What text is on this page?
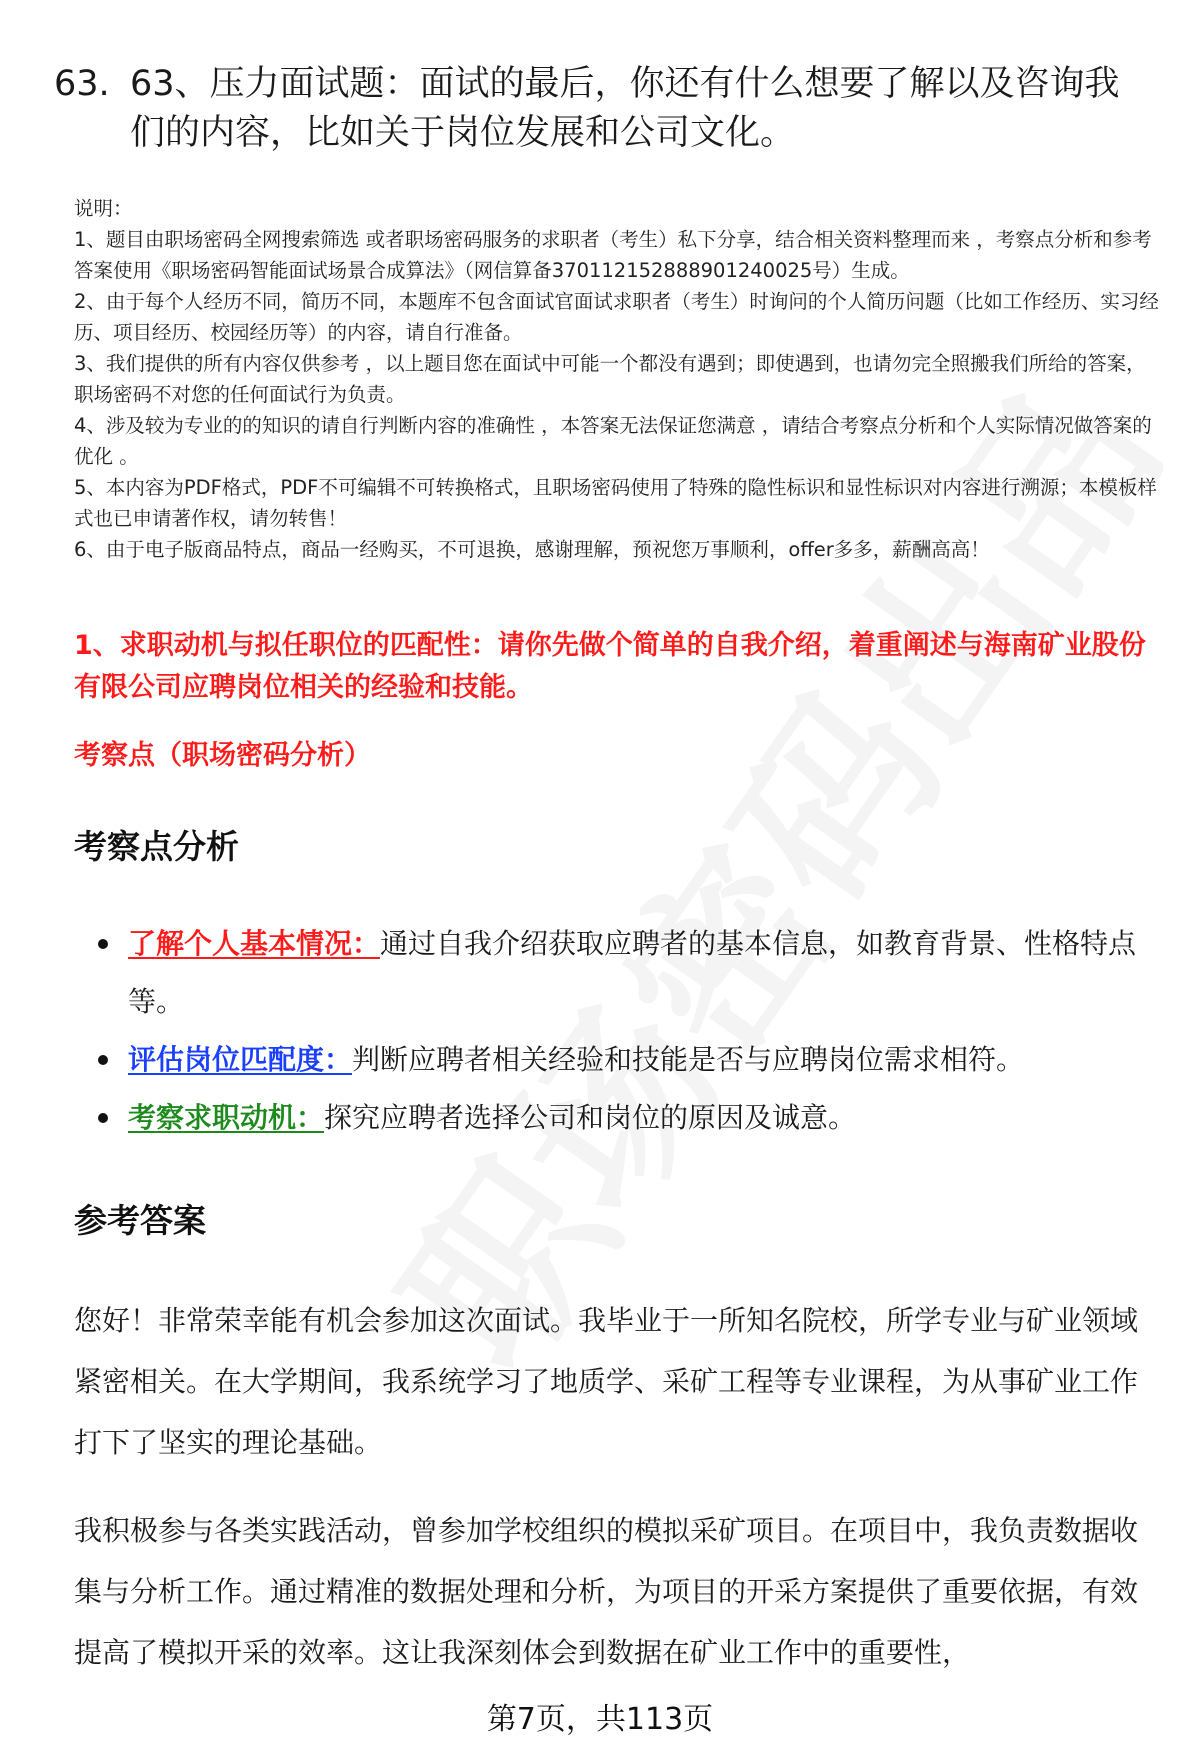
63. 63、压力面试题：面试的最后，你还有什么想要了解以及咨询我们的内容，比如关于岗位发展和公司文化。

说明：

1、题目由职场密码全网搜索筛选 或者职场密码服务的求职者（考生）私下分享，结合相关资料整理而来 ，考察点分析和参考答案使用《职场密码智能面试场景合成算法》（网信算备370112152888901240025号）生成。

2、由于每个人经历不同，简历不同，本题库不包含面试官面试求职者（考生）时询问的个人简历问题（比如工作经历、实习经历、项目经历、校园经历等）的内容，请自行准备。

3、我们提供的所有内容仅供参考 ，以上题目您在面试中可能一个都没有遇到；即使遇到，也请勿完全照搬我们所给的答案，职场密码不对您的任何面试行为负责。

4、涉及较为专业的的知识的请自行判断内容的准确性 ，本答案无法保证您满意 ，请结合考察点分析和个人实际情况做答案的优化 。

5、本内容为PDF格式，PDF不可编辑不可转换格式，且职场密码使用了特殊的隐性标识和显性标识对内容进行溯源；本模板样式也已申请著作权，请勿转售！

6、由于电子版商品特点，商品一经购买，不可退换，感谢理解，预祝您万事顺利，offer多多，薪酬高高！

1、求职动机与拟任职位的匹配性：请你先做个简单的自我介绍，着重阐述与海南矿业股份有限公司应聘岗位相关的经验和技能。
考察点（职场密码分析）
考察点分析
了解个人基本情况：通过自我介绍获取应聘者的基本信息，如教育背景、性格特点等。
评估岗位匹配度：判断应聘者相关经验和技能是否与应聘岗位需求相符。
考察求职动机：探究应聘者选择公司和岗位的原因及诚意。
参考答案

您好！非常荣幸能有机会参加这次面试。我毕业于一所知名院校，所学专业与矿业领域紧密相关。在大学期间，我系统学习了地质学、采矿工程等专业课程，为从事矿业工作打下了坚实的理论基础。

我积极参与各类实践活动，曾参加学校组织的模拟采矿项目。在项目中，我负责数据收集与分析工作。通过精准的数据处理和分析，为项目的开采方案提供了重要依据，有效提高了模拟开采的效率。这让我深刻体会到数据在矿业工作中的重要性，

第7页，共113页
